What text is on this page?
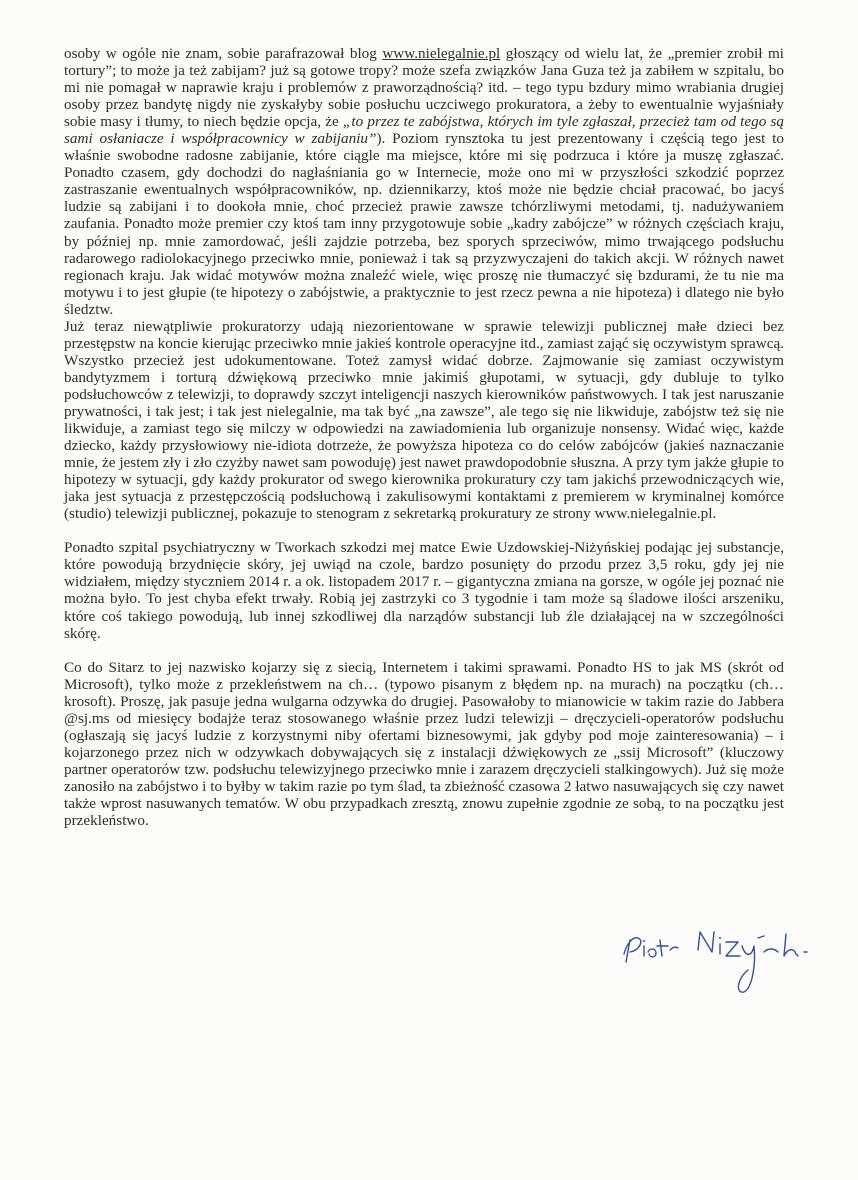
osoby w ogóle nie znam, sobie parafrazował blog www.nielegalnie.pl głoszący od wielu lat, że „premier zrobił mi tortury”; to może ja też zabijam? już są gotowe tropy? może szefa związków Jana Guza też ja zabiłem w szpitalu, bo mi nie pomagał w naprawie kraju i problemów z praworządnością? itd. – tego typu bzdury mimo wrabiania drugiej osoby przez bandytę nigdy nie zyskałyby sobie posłuchu uczciwego prokuratora, a żeby to ewentualnie wyjaśniały sobie masy i tłumy, to niech będzie opcja, że „to przez te zabójstwa, których im tyle zgłaszał, przecież tam od tego są sami osłaniacze i współpracownicy w zabijaniu”). Poziom rynsztoka tu jest prezentowany i częścią tego jest to właśnie swobodne radosne zabijanie, które ciągle ma miejsce, które mi się podrzuca i które ja muszę zgłaszać. Ponadto czasem, gdy dochodzi do nagłaśniania go w Internecie, może ono mi w przyszłości szkodzić poprzez zastraszanie ewentualnych współpracowników, np. dziennikarzy, ktoś może nie będzie chciał pracować, bo jacyś ludzie są zabijani i to dookoła mnie, choć przecież prawie zawsze tchórzliwymi metodami, tj. nadużywaniem zaufania. Ponadto może premier czy ktoś tam inny przygotowuje sobie „kadry zabójcze” w różnych częściach kraju, by później np. mnie zamordować, jeśli zajdzie potrzeba, bez sporych sprzeciwów, mimo trwającego podsłuchu radarowego radiolokacyjnego przeciwko mnie, ponieważ i tak są przyzwyczajeni do takich akcji. W różnych nawet regionach kraju. Jak widać motywów można znaleźć wiele, więc proszę nie tłumaczyć się bzdurami, że tu nie ma motywu i to jest głupie (te hipotezy o zabójstwie, a praktycznie to jest rzecz pewna a nie hipoteza) i dlatego nie było śledztw.

Już teraz niewątpliwie prokuratorzy udają niezorientowane w sprawie telewizji publicznej małe dzieci bez przestępstw na koncie kierując przeciwko mnie jakieś kontrole operacyjne itd., zamiast zająć się oczywistym sprawcą. Wszystko przecież jest udokumentowane. Toteż zamysł widać dobrze. Zajmowanie się zamiast oczywistym bandytyzmem i torturą dźwiękową przeciwko mnie jakimiś głupotami, w sytuacji, gdy dubluje to tylko podsłuchowców z telewizji, to doprawdy szczyt inteligencji naszych kierowników państwowych. I tak jest naruszanie prywatności, i tak jest; i tak jest nielegalnie, ma tak być „na zawsze”, ale tego się nie likwiduje, zabójstw też się nie likwiduje, a zamiast tego się milczy w odpowiedzi na zawiadomienia lub organizuje nonsensy. Widać więc, każde dziecko, każdy przysłowiowy nie-idiota dotrzeże, że powyższa hipoteza co do celów zabójców (jakieś naznaczanie mnie, że jestem zły i zło czyżby nawet sam powoduję) jest nawet prawdopodobnie słuszna. A przy tym jakże głupie to hipotezy w sytuacji, gdy każdy prokurator od swego kierownika prokuratury czy tam jakichś przewodniczących wie, jaka jest sytuacja z przestępczością podsłuchową i zakulisowymi kontaktami z premierem w kryminalnej komórce (studio) telewizji publicznej, pokazuje to stenogram z sekretarką prokuratury ze strony www.nielegalnie.pl.

Ponadto szpital psychiatryczny w Tworkach szkodzi mej matce Ewie Uzdowskiej-Niżyńskiej podając jej substancje, które powodują brzydnięcie skóry, jej uwiąd na czole, bardzo posunięty do przodu przez 3,5 roku, gdy jej nie widziałem, między styczniem 2014 r. a ok. listopadem 2017 r. – gigantyczna zmiana na gorsze, w ogóle jej poznać nie można było. To jest chyba efekt trwały. Robią jej zastrzyki co 3 tygodnie i tam może są śladowe ilości arszeniku, które coś takiego powodują, lub innej szkodliwej dla narządów substancji lub źle działającej na w szczególności skórę.

Co do Sitarz to jej nazwisko kojarzy się z siecią, Internetem i takimi sprawami. Ponadto HS to jak MS (skrót od Microsoft), tylko może z przekleństwem na ch… (typowo pisanym z błędem np. na murach) na początku (ch…krosoft). Proszę, jak pasuje jedna wulgarna odzywka do drugiej. Pasowałoby to mianowicie w takim razie do Jabbera @sj.ms od miesięcy bodajże teraz stosowanego właśnie przez ludzi telewizji – dręczycieli-operatorów podsłuchu (ogłaszają się jacyś ludzie z korzystnymi niby ofertami biznesowymi, jak gdyby pod moje zainteresowania) – i kojarzonego przez nich w odzywkach dobywających się z instalacji dźwiękowych ze „ssij Microsoft” (kluczowy partner operatorów tzw. podsłuchu telewizyjnego przeciwko mnie i zarazem dręczycieli stalkingowych). Już się może zanosiło na zabójstwo i to byłby w takim razie po tym ślad, ta zbieżność czasowa 2 łatwo nasuwających się czy nawet także wprost nasuwanych tematów. W obu przypadkach zresztą, znowu zupełnie zgodnie ze sobą, to na początku jest przekleństwo.
